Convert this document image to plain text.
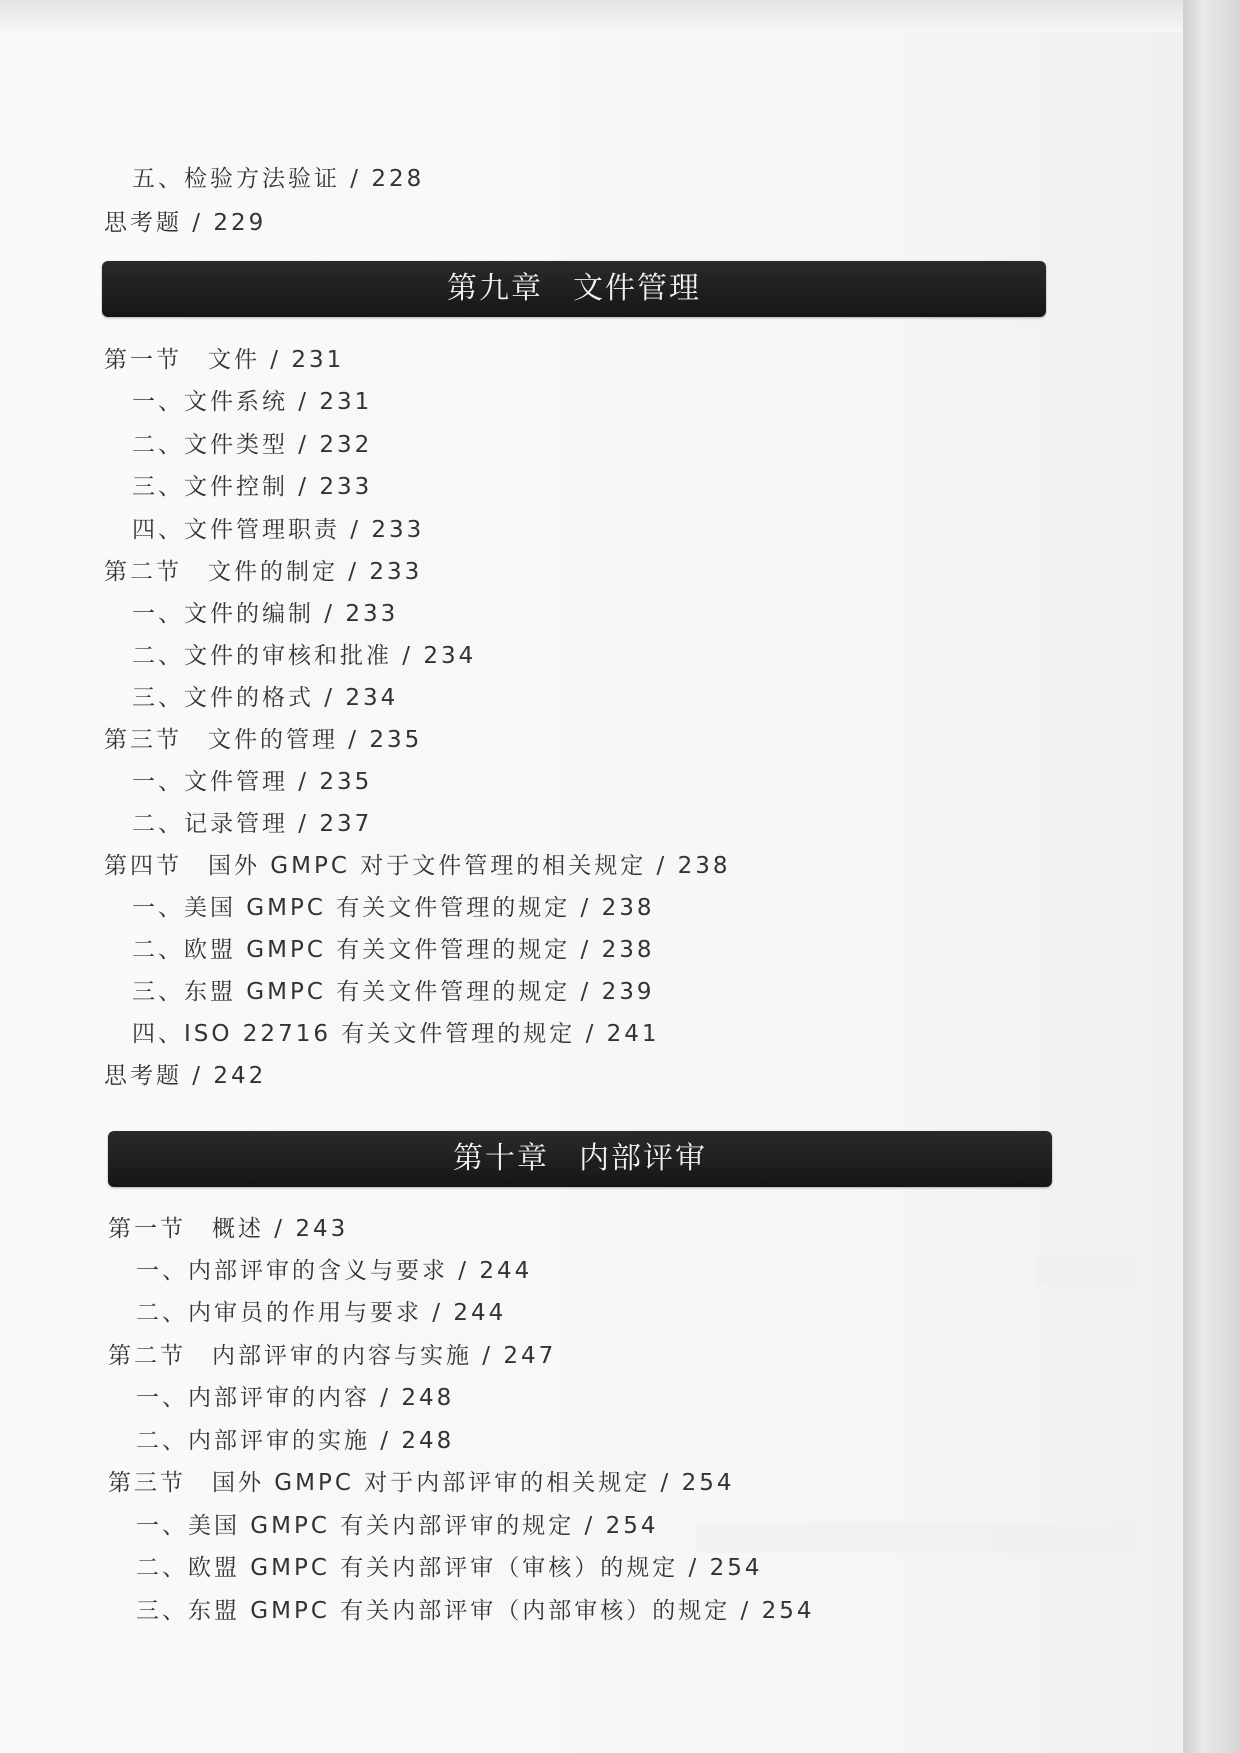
五、检验方法验证 / 228
思考题 / 229
第九章 文件管理
第一节　文件 / 231
一、文件系统 / 231
二、文件类型 / 232
三、文件控制 / 233
四、文件管理职责 / 233
第二节　文件的制定 / 233
一、文件的编制 / 233
二、文件的审核和批准 / 234
三、文件的格式 / 234
第三节　文件的管理 / 235
一、文件管理 / 235
二、记录管理 / 237
第四节　国外 GMPC 对于文件管理的相关规定 / 238
一、美国 GMPC 有关文件管理的规定 / 238
二、欧盟 GMPC 有关文件管理的规定 / 238
三、东盟 GMPC 有关文件管理的规定 / 239
四、ISO 22716 有关文件管理的规定 / 241
思考题 / 242
第十章 内部评审
第一节　概述 / 243
一、内部评审的含义与要求 / 244
二、内审员的作用与要求 / 244
第二节　内部评审的内容与实施 / 247
一、内部评审的内容 / 248
二、内部评审的实施 / 248
第三节　国外 GMPC 对于内部评审的相关规定 / 254
一、美国 GMPC 有关内部评审的规定 / 254
二、欧盟 GMPC 有关内部评审（审核）的规定 / 254
三、东盟 GMPC 有关内部评审（内部审核）的规定 / 254
